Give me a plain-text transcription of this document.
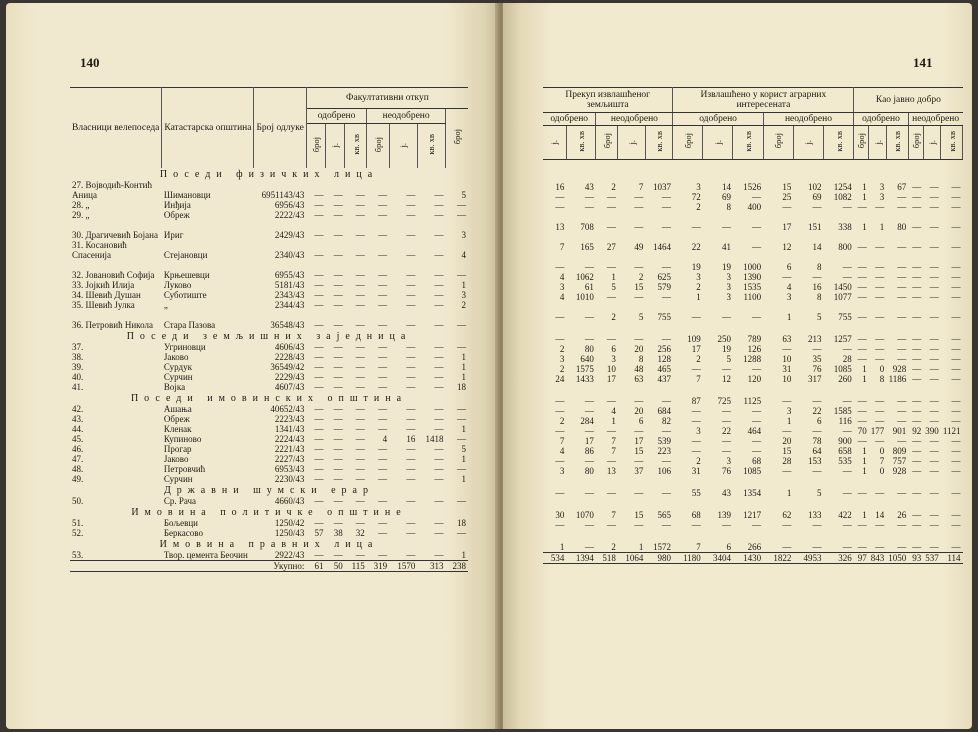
140
Власници велепоседа	Катастарска општина	Број одлуке	Факултативни откуп						
			одобрено			неодобрено			број
			број	ј.	кв. хв	број	ј.	кв. хв	
Поседи физичких лица									
27. Војводић-Контић Аница	Шимановци	6951143/43	—	—	—	—	—	—	5
28. „	Инђија	6956/43	—	—	—	—	—	—	—
29. „	Обреж	2222/43	—	—	—	—	—	—	—
30. Драгичевић Бојана	Ириг	2429/43	—	—	—	—	—	—	3
31. Косановић Спасенија	Стејановци	2340/43	—	—	—	—	—	—	4
32. Јовановић Софија	Крњешевци	6955/43	—	—	—	—	—	—	—
33. Јојкић Илија	Луково	5181/43	—	—	—	—	—	—	1
34. Шевић Душан	Суботиште	2343/43	—	—	—	—	—	—	3
35. Шевић Јулка	„	2344/43	—	—	—	—	—	—	2
36. Петровић Никола	Стара Пазова	36548/43	—	—	—	—	—	—	—
Поседи земљишних заједница									
37.	Угриновци	4606/43	—	—	—	—	—	—	—
38.	Јаково	2228/43	—	—	—	—	—	—	1
39.	Сурдук	36549/42	—	—	—	—	—	—	1
40.	Сурчин	2229/43	—	—	—	—	—	—	1
41.	Војка	4607/43	—	—	—	—	—	—	18
Поседи имовинских општина									
42.	Ашања	40652/43	—	—	—	—	—	—	—
43.	Обреж	2223/43	—	—	—	—	—	—	—
44.	Кленак	1341/43	—	—	—	—	—	—	1
45.	Купиново	2224/43	—	—	—	4	16	1418	—
46.	Прогар	2221/43	—	—	—	—	—	—	5
47.	Јаково	2227/43	—	—	—	—	—	—	1
48.	Петровчић	6953/43	—	—	—	—	—	—	—
49.	Сурчин	2230/43	—	—	—	—	—	—	1
Државни шумски ерар									
50.	Ср. Рача	4660/43	—	—	—	—	—	—	—
Имовина политичке општине									
51.	Бољевци	1250/42	—	—	—	—	—	—	18
52.	Беркасово	1250/43	57	38	32	—	—	—	—
Имовина правних лица									
53.	Твор. цемента Беочин	2922/43	—	—	—	—	—	—	1
Укупно:			61	50	115	319	1570	313	238
141
Прекуп извлашћеног земљишта					Извлашћено у корист аграрних интересената						Као јавно добро					
одобрено		неодобрено			одобрено			неодобрено			одобрено			неодобрено		
ј.	кв. хв	број	ј.	кв. хв	број	ј.	кв. хв	број	ј.	кв. хв	број	ј.	кв. хв	број	ј.	кв. хв

16	43	2	7	1037	3	14	1526	15	102	1254	1	3	67	—	—	—
—	—	—	—	—	72	69	—	25	69	1082	1	3	—	—	—	—
—	—	—	—	—	2	8	400	—	—	—	—	—	—	—	—	—
13	708	—	—	—	—	—	—	17	151	338	1	1	80	—	—	—
7	165	27	49	1464	22	41	—	12	14	800	—	—	—	—	—	—
—	—	—	—	—	19	19	1000	6	8	—	—	—	—	—	—	—
4	1062	1	2	625	3	3	1390	—	—	—	—	—	—	—	—	—
3	61	5	15	579	2	3	1535	4	16	1450	—	—	—	—	—	—
4	1010	—	—	—	1	3	1100	3	8	1077	—	—	—	—	—	—
—	—	2	5	755	—	—	—	1	5	755	—	—	—	—	—	—

—	—	—	—	—	109	250	789	63	213	1257	—	—	—	—	—	—
2	80	6	20	256	17	19	126	—	—	—	—	—	—	—	—	—
3	640	3	8	128	2	5	1288	10	35	28	—	—	—	—	—	—
2	1575	10	48	465	—	—	—	31	76	1085	1	0	928	—	—	—
24	1433	17	63	437	7	12	120	10	317	260	1	8	1186	—	—	—

—	—	—	—	—	87	725	1125	—	—	—	—	—	—	—	—	—
—	—	4	20	684	—	—	—	3	22	1585	—	—	—	—	—	—
2	284	1	6	82	—	—	—	1	6	116	—	—	—	—	—	—
—	—	—	—	—	3	22	464	—	—	—	70	177	901	92	390	1121
7	17	7	17	539	—	—	—	20	78	900	—	—	—	—	—	—
4	86	7	15	223	—	—	—	15	64	658	1	0	809	—	—	—
—	—	—	—	—	2	3	68	28	153	535	1	7	757	—	—	—
3	80	13	37	106	31	76	1085	—	—	—	1	0	928	—	—	—

—	—	—	—	—	55	43	1354	1	5	—	—	—	—	—	—	—

30	1070	7	15	565	68	139	1217	62	133	422	1	14	26	—	—	—
—	—	—	—	—	—	—	—	—	—	—	—	—	—	—	—	—

1	—	2	1	1572	7	6	266	—	—	—	—	—	—	—	—	—
534	1394	518	1064	980	1180	3404	1430	1822	4953	326	97	843	1050	93	537	114
